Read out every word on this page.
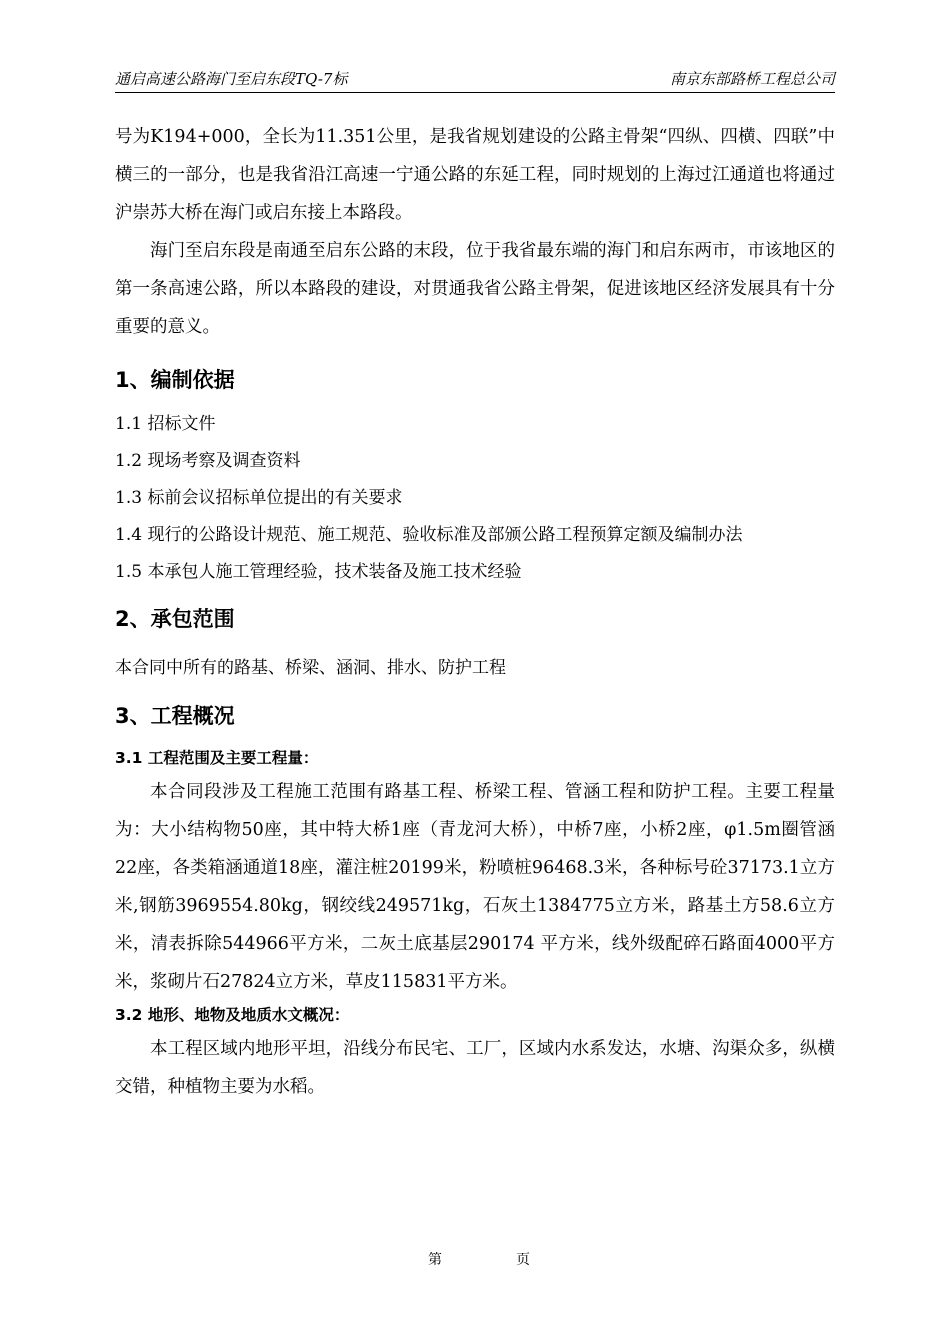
通启高速公路海门至启东段TQ-7标	南京东部路桥工程总公司

号为K194+000，全长为11.351公里，是我省规划建设的公路主骨架“四纵、四横、四联”中横三的一部分，也是我省沿江高速一宁通公路的东延工程，同时规划的上海过江通道也将通过沪崇苏大桥在海门或启东接上本路段。

海门至启东段是南通至启东公路的末段，位于我省最东端的海门和启东两市，市该地区的第一条高速公路，所以本路段的建设，对贯通我省公路主骨架，促进该地区经济发展具有十分重要的意义。

1、编制依据

1.1 招标文件

1.2 现场考察及调查资料

1.3 标前会议招标单位提出的有关要求

1.4 现行的公路设计规范、施工规范、验收标准及部颁公路工程预算定额及编制办法

1.5 本承包人施工管理经验，技术装备及施工技术经验

2、承包范围

本合同中所有的路基、桥梁、涵洞、排水、防护工程

3、工程概况
3.1 工程范围及主要工程量：

本合同段涉及工程施工范围有路基工程、桥梁工程、管涵工程和防护工程。主要工程量为：大小结构物50座，其中特大桥1座（青龙河大桥），中桥7座，小桥2座，φ1.5m圈管涵22座，各类箱涵通道18座，灌注桩20199米，粉喷桩96468.3米，各种标号砼37173.1立方米,钢筋3969554.80kg，钢绞线249571kg，石灰土1384775立方米，路基土方58.6立方米，清表拆除544966平方米，二灰土底基层290174 平方米，线外级配碎石路面4000平方米，浆砌片石27824立方米，草皮115831平方米。

3.2 地形、地物及地质水文概况：

本工程区域内地形平坦，沿线分布民宅、工厂，区域内水系发达，水塘、沟渠众多，纵横交错，种植物主要为水稻。

第	页
